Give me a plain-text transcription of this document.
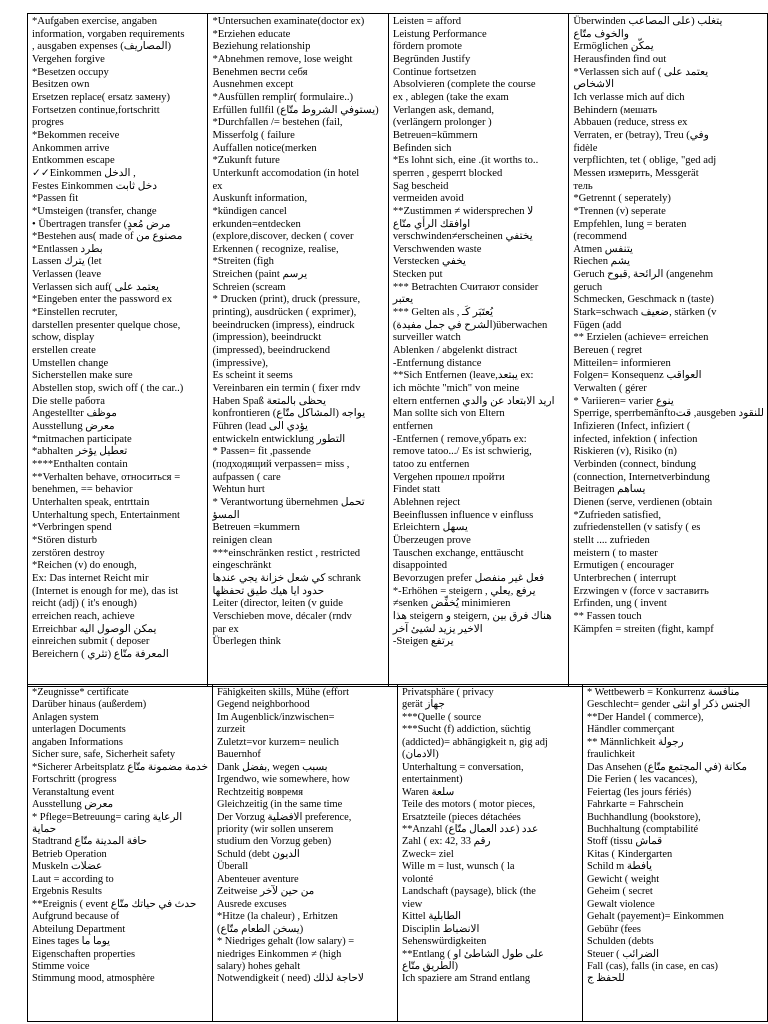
*Aufgaben exercise, angaben
information, vorgaben requirements
, ausgaben expenses (المصاريف)
Vergehen forgive
*Besetzen occupy
Besitzen own
Ersetzen replace( ersatz замену)
Fortsetzen continue,fortschritt
progres
*Bekommen receive
Ankommen arrive
Entkommen escape
✓✓Einkommen الدخل ,
Festes Einkommen دخل ثابت
*Passen fit
*Umsteigen (transfer, change
• Übertragen transfer (مرض مُعدٍ
*Bestehen aus( made of مصنوع من
*Entlassen بطرد
Lassen يترك (let
Verlassen (leave
Verlassen sich auf( يعتمد على
*Eingeben enter the password ex
*Einstellen recruter,
darstellen presenter quelque chose,
schow, display
erstellen create
Umstellen change
Sicherstellen make sure
Abstellen stop, swich off ( the car..)
Die stelle работа
Angestellter موظف
Ausstellung معرض
*mitmachen participate
*abhalten تعطيل يؤخر
****Enthalten contain
**Verhalten behave, относиться =
benehmen, == behavior
Unterhalten speak, entrttain
Unterhaltung spech, Entertainment
*Verbringen spend
*Stören disturb
zerstören destroy
*Reichen (v) do enough,
Ex: Das internet Reicht mir
(Internet is enough for me), das ist
reicht (adj) ( it's enough)
erreichen reach, achieve
Erreichbar يمكن الوصول اليه
einreichen submit ( deposer
Bereichern المعرفة متّاع (تثري )
*Untersuchen examinate(doctor ex)
*Erziehen educate
Beziehung relationship
*Abnehmen remove, lose weight
Benehmen вести себя
Ausnehmen except
*Ausfüllen remplir( formulaire..)
Erfüllen fullfil (يستوفي الشروط متّاع)
*Durchfallen /= bestehen (fail,
Misserfolg ( failure
Auffallen notice(merken
*Zukunft future
Unterkunft accomodation (in hotel
ex
Auskunft information,
*kündigen cancel
erkunden=entdecken
(explore,discover, decken ( cover
Erkennen ( recognize, realise,
*Streiten (figh
Streichen (paint يرسم
Schreien (scream
* Drucken (print), druck (pressure,
printing), ausdrücken ( exprimer),
beeindrucken (impress), eindruck
(impression), beeindruckt
(impressed), beeindruckend
(impressive),
Es scheint it seems
Vereinbaren ein termin ( fixer rndv
Haben Spaß يحظى بالمتعة
konfrontieren (المشاكل متّاع) يواجه
Führen (lead يؤدي الى
entwickeln entwicklung التطور
* Passen= fit ,passende
(подходящий verpassen= miss ,
aufpassen ( care
Wehtun hurt
* Verantwortung übernehmen تحمل
المسؤ
Betreuen =kummern
reinigen clean
***einschränken restict , restricted
eingeschränkt
كي شعل خزانة يجي عندها schrank
حدود ايا هيك طيق تحفظها
Leiter (director, leiten (v guide
Verschieben move, décaler (rndv
par ex
Überlegen think
Leisten = afford
Leistung Performance
fördern promote
Begründen Justify
Continue fortsetzen
Absolvieren (complete the course
ex , ablegen (take the exam
Verlangen ask, demand,
(verlängern prolonger )
Betreuen=kümmern
Befinden sich
*Es lohnt sich, eine .(it worths to..
sperren , gesperrt blocked
Sag bescheid
vermeiden avoid
**Zustimmen ≠ widersprechen لا
اوافقك الرأي متّاع
verschwinden≠erscheinen يختفي
Verschwenden waste
Verstecken يخفي
Stecken put
*** Betrachten Считают consider
يعتبر
*** Gelten als , يُعتَبَر كَـ
(الشرح في جمل مفيدة)überwachen
surveiller watch
Ablenken / abgelenkt distract
-Entfernung distance
**Sich Entfernen (leave,يبتعد ex:
ich möchte "mich" von meine
eltern entfernen اريد الابتعاد عن والدي
Man sollte sich von Eltern
entfernen
-Entfernen ( remove,убрать ex:
remove tatoo.../ Es ist schwierig,
tatoo zu entfernen
Vergehen прошел пройти
Findet statt
Ablehnen reject
Beeinflussen influence v einfluss
Erleichtern يسهل
Überzeugen prove
Tauschen exchange, enttäuscht
disappointed
Bevorzugen prefer فعل غير منفصل
*-Erhöhen = steigern , يرفع ,يعلي
≠senken يُخفِّض minimieren
هذا steigern و steigern, هناك فرق بين
الاخير يزيد لشيئ آخر
-Steigen يرتفع
Überwinden يتغلب (على المصاعب
والخوف متّاع
Ermöglichen يمكّن
Herausfinden find out
*Verlassen sich auf ( يعتمد على
الاشخاص
Ich verlasse mich auf dich
Behindern (мешать
Abbauen (reduce, stress ex
Verraten, er (betray), Treu (وفي
fidèle
verpflichten, tet ( oblige, "ged adj
Messen измерить, Messgerät
тель
*Getrennt ( seperately)
*Trennen (v) seperate
Empfehlen, lung = beraten
(recommend
Atmen يتنفس
Riechen يشم
Geruch الرائحة ,قبوح (angenehm
geruch
Schmecken, Geschmack n (taste)
Stark=schwach ضعيف, stärken (v
Fügen (add
** Erzielen (achieve= erreichen
Bereuen ( regret
Mitteilen= informieren
Folgen= Konsequenz العواقب
Verwalten ( gérer
* Variieren= varier ينوع
Sperrige, sperrbemänftoقت ,ausgeben للنقود
Infizieren (Infect, infiziert (
infected, infektion ( infection
Riskieren (v), Risiko (n)
Verbinden (connect, bindung
(connection, Internetverbindung
Beitragen يساهم
Dienen (serve, verdienen (obtain
*Zufrieden satisfied,
zufriedenstellen (v satisfy ( es
stellt .... zufrieden
meistern ( to master
Ermutigen ( encourager
Unterbrechen ( interrupt
Erzwingen v (force v заставить
Erfinden, ung ( invent
** Fassen touch
Kämpfen = streiten (fight, kampf
*Zeugnisse* certificate
Darüber hinaus (außerdem)
Anlagen system
unterlagen Documents
angaben Informations
Sicher sure, safe, Sicherheit safety
*Sicherer Arbeitsplatz خدمة مضمونة متّاع
Fortschritt (progress
Veranstaltung event
Ausstellung معرض
* Pflege=Betreuung= caring الرعاية
حماية
Stadtrand حافة المدينة متّاع
Betrieb Operation
Muskeln عضلات
Laut = according to
Ergebnis Results
**Ereignis ( event حدث في حياتك متّاع
Aufgrund because of
Abteilung Department
Eines tages يوما ما
Eigenschaften properties
Stimme voice
Stimmung mood, atmosphère
Fähigkeiten skills, Mühe (effort
Gegend neighborhood
Im Augenblick/inzwischen=
zurzeit
Zuletzt=vor kurzem= neulich
Bauernhof
Dank بفضل, wegen بسبب
Irgendwo, wie somewhere, how
Rechtzeitig вовремя
Gleichzeitig (in the same time
Der Vorzug الافضلية preference,
priority (wir sollen unserem
studium den Vorzug geben)
Schuld (debt الديون
Überall
Abenteuer aventure
Zeitweise من حين لآخر
Ausrede excuses
*Hitze (la chaleur) , Erhitzen
(يسخن الطعام متّاع)
* Niedriges gehalt (low salary) =
niedriges Einkommen ≠ (high
salary) hohes gehalt
Notwendigkeit ( need) لاحاجة لذلك
Privatsphäre ( privacy
gerät جهاز
***Quelle ( source
***Sucht (f) addiction, süchtig
(addicted)= abhängigkeit n, gig adj
(الادمان)
Unterhaltung = conversation,
entertainment)
Waren سلعة
Teile des motors ( motor pieces,
Ersatzteile (pieces détachées
**Anzahl (عدد العمال متّاع) عدد
Zahl ( ex: 42, 33 رقم
Zweck= ziel
Wille m = lust, wunsch ( la
volonté
Landschaft (paysage), blick (the
view
Kittel الطابلية
Disciplin الانضباط
Sehenswürdigkeiten
**Entlang ( على طول الشاطئ او
الطريق متّاع)
Ich spaziere am Strand entlang
* Wettbewerb = Konkurrenz منافسة
Geschlecht= gender الجنس ذكر او انثى
**Der Handel ( commerce),
Händler commerçant
** Männlichkeit رجولة
fraulichkeit
Das Ansehen (في المجتمع متّاع) مكانة
Die Ferien ( les vacances),
Feiertag (les jours fériés)
Fahrkarte = Fahrschein
Buchhandlung (bookstore),
Buchhaltung (comptabilité
Stoff (tissu قماش
Kitas ( Kindergarten
Schild m يافطة
Gewicht ( weight
Geheim ( secret
Gewalt violence
Gehalt (payement)= Einkommen
Gebühr (fees
Schulden (debts
Steuer ( الضرائب
Fall (cas), falls (in case, en cas)
للحفظ ج
